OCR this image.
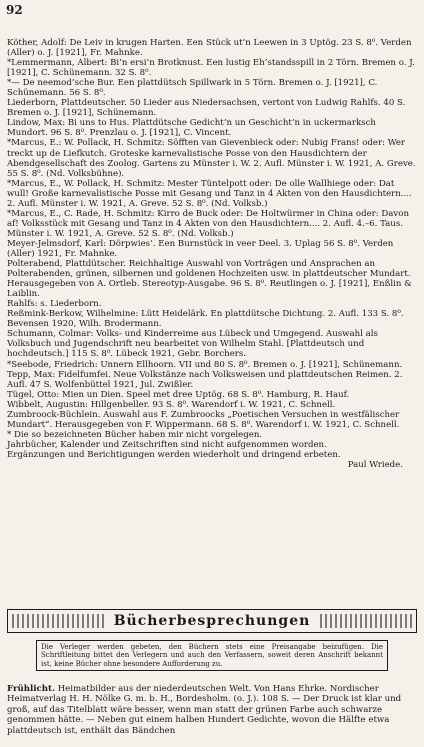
92

Köther, Adolf: De Leiv in krugen Harten. Een Stück ut’n Leewen in 3 Uptög. 23 S. 8⁰. Verden (Aller) o. J. [1921], Fr. Mahnke.

*Lemmermann, Albert: Bi’n ersi’n Brotknust. Een lustig Eh’standsspill in 2 Törn. Bremen o. J. [1921], C. Schünemann. 32 S. 8⁰.

*— De neemod’sche Bur. Een plattdütsch Spillwark in 5 Törn. Bremen o. J. [1921], C. Schünemann. 56 S. 8⁰.

Liederborn, Plattdeutscher. 50 Lieder aus Niedersachsen, vertont von Ludwig Rahlfs. 40 S. Bremen o. J. [1921], Schünemann.

Lindow, Max: Bi uns to Hus. Plattdütsche Gedicht’n un Geschicht’n in uckermarksch Mundort. 96 S. 8⁰. Prenzlau o. J. [1921], C. Vincent.

*Marcus, E.: W. Pollack, H. Schmitz: Söfften van Gievenbieck oder: Nubig Frans! oder: Wer treckt up de Liefkutch. Groteske karnevalistische Posse von den Hausdichtern der Abendgesellschaft des Zoolog. Gartens zu Münster i. W. 2. Aufl. Münster i. W. 1921, A. Greve. 55 S. 8⁰. (Nd. Volksbühne).

*Marcus, E., W. Pollack, H. Schmitz: Mester Tüntelpott oder: De olle Wallhiege oder: Dat wull! Große karnevalistische Posse mit Gesang und Tanz in 4 Akten von den Hausdichtern.... 2. Aufl. Münster i. W. 1921, A. Greve. 52 S. 8⁰. (Nd. Volksb.)

*Marcus, E., C. Rade, H. Schmitz: Kirro de Buck oder: De Holtwürmer in China oder: Davon af! Volksstück mit Gesang und Tanz in 4 Akten von den Hausdichtern.... 2. Aufl. 4.–6. Taus. Münster i. W. 1921, A. Greve. 52 S. 8⁰. (Nd. Volksb.)

Meyer-Jelmsdorf, Karl: Dörpwies’. Een Burnstück in veer Deel. 3. Uplag 56 S. 8⁰. Verden (Aller) 1921, Fr. Mahnke.

Polterabend, Plattdütscher. Reichhaltige Auswahl von Vorträgen und Ansprachen an Polterabenden, grünen, silbernen und goldenen Hochzeiten usw. in plattdeutscher Mundart. Herausgegeben von A. Ortleb. Stereotyp-Ausgabe. 96 S. 8⁰. Reutlingen o. J. [1921], Enßlin & Laiblin.

Rahlfs: s. Liederborn.

Reßmink-Berkow, Wilhelmine: Lütt Heidelärk. En plattdütsche Dichtung. 2. Aufl. 133 S. 8⁰. Bevensen 1920, Wilh. Brodermann.

Schumann, Colmar: Volks- und Kinderreime aus Lübeck und Umgegend. Auswahl als Volksbuch und Jugendschrift neu bearbeitet von Wilhelm Stahl. [Plattdeutsch und hochdeutsch.] 115 S. 8⁰. Lübeck 1921, Gebr. Borchers.

*Seebode, Friedrich: Unnern Ellhoorn. VII und 80 S. 8⁰. Bremen o. J. [1921], Schünemann.

Tepp, Max: Fidelfumfei. Neue Volkstänze nach Volksweisen und plattdeutschen Reimen. 2. Aufl. 47 S. Wolfenbüttel 1921, Jul. Zwißler.

Tügel, Otto: Mien un Dien. Speel met dree Uptög. 68 S. 8⁰. Hamburg, R. Hauf.

Wibbelt, Augustin: Hillgenbeller. 93 S. 8⁰. Warendorf i. W. 1921, C. Schnell.

Zumbroock-Büchlein. Auswahl aus F. Zumbroocks „Poetischen Versuchen in westfälischer Mundart“. Herausgegeben von F. Wippermann. 68 S. 8⁰. Warendorf i. W. 1921, C. Schnell.

* Die so bezeichneten Bücher haben mir nicht vorgelegen.

Jahrbücher, Kalender und Zeitschriften sind nicht aufgenommen worden.

Ergänzungen und Berichtigungen werden wiederholt und dringend erbeten.

Paul Wriede.
Bücherbesprechungen
Die Verleger werden gebeten, den Büchern stets eine Preisangabe beizufügen. Die Schriftleitung bittet den Verlegern und auch den Verfassern, soweit deren Anschrift bekannt ist, keine Bücher ohne besondere Aufforderung zu.
Frühlicht. Heimatbilder aus der niederdeutschen Welt. Von Hans Ehrke. Nordischer Heimatverlag H. H. Nölke G. m. b. H., Bordesholm. (o. J.). 108 S. — Der Druck ist klar und groß, auf das Titelblatt wäre besser, wenn man statt der grünen Farbe auch schwarze genommen hätte. — Neben gut einem halben Hundert Gedichte, wovon die Hälfte etwa plattdeutsch ist, enthält das Bändchen
